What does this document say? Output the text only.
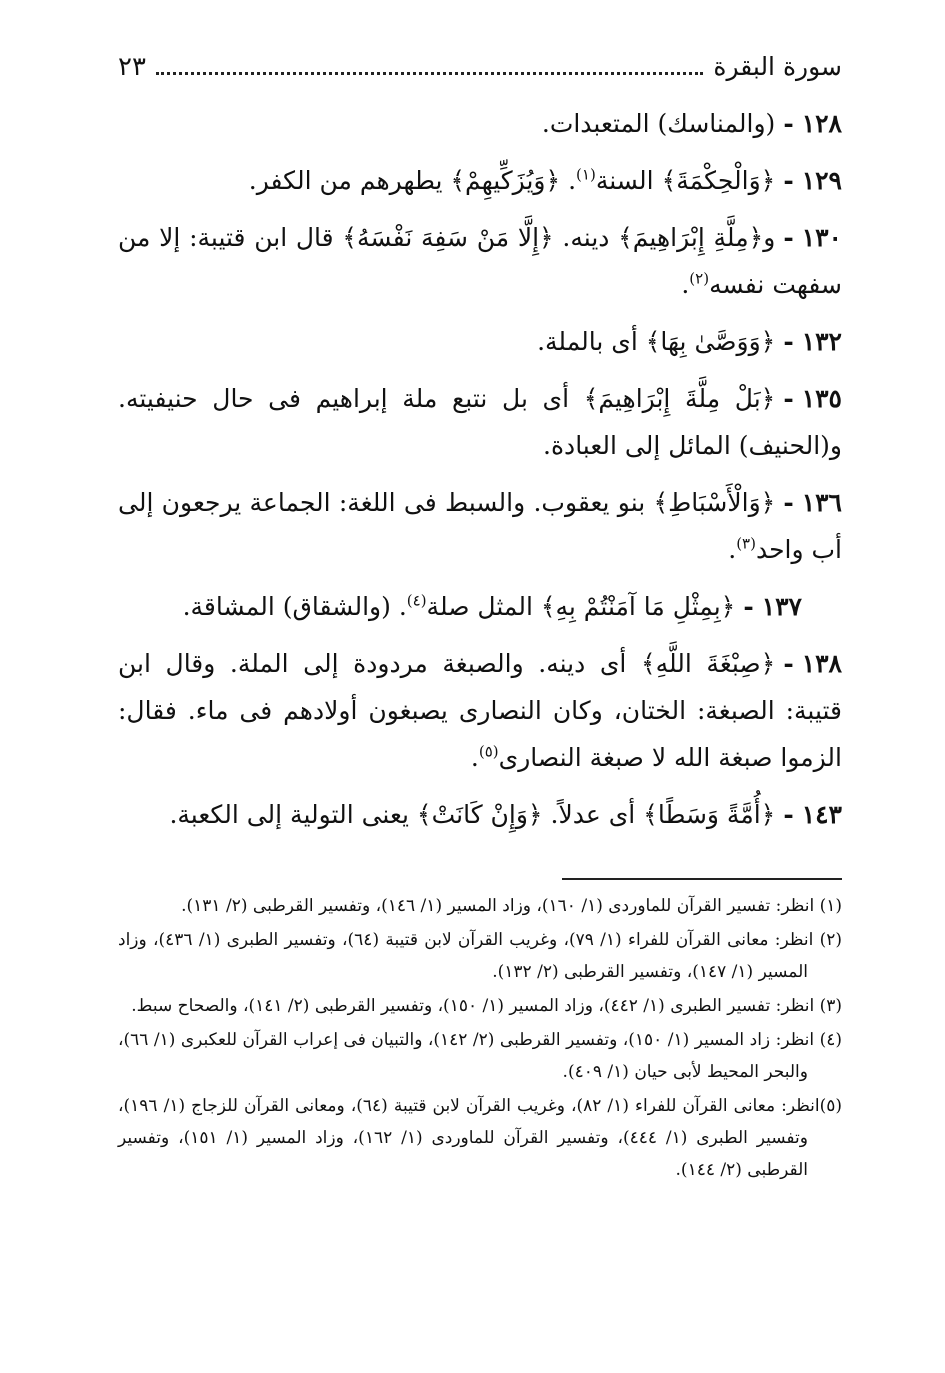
سورة البقرة
٢٣

١٢٨-(والمناسك) المتعبدات.

١٢٩-﴿وَالْحِكْمَةَ﴾ السنة$^{(١)}$. ﴿وَيُزَكِّيهِمْ﴾ يطهرهم من الكفر.

١٣٠-و﴿مِلَّةِ إِبْرَاهِيمَ﴾ دينه. ﴿إِلَّا مَنْ سَفِهَ نَفْسَهُ﴾ قال ابن قتيبة: إلا من سفهت نفسه$^{(٢)}$.

١٣٢-﴿وَوَصَّىٰ بِهَا﴾ أى بالملة.

١٣٥-﴿بَلْ مِلَّةَ إِبْرَاهِيمَ﴾ أى بل نتبع ملة إبراهيم فى حال حنيفيته. و(الحنيف) المائل إلى العبادة.

١٣٦-﴿وَالْأَسْبَاطِ﴾ بنو يعقوب. والسبط فى اللغة: الجماعة يرجعون إلى أب واحد$^{(٣)}$.

١٣٧-﴿بِمِثْلِ مَا آمَنْتُمْ بِهِ﴾ المثل صلة$^{(٤)}$. (والشقاق) المشاقة.

١٣٨-﴿صِبْغَةَ اللَّهِ﴾ أى دينه. والصبغة مردودة إلى الملة. وقال ابن قتيبة: الصبغة: الختان، وكان النصارى يصبغون أولادهم فى ماء. فقال: الزموا صبغة الله لا صبغة النصارى$^{(٥)}$.

١٤٣-﴿أُمَّةً وَسَطًا﴾ أى عدلاً. ﴿وَإِنْ كَانَتْ﴾ يعنى التولية إلى الكعبة.

(١) انظر: تفسير القرآن للماوردى (١/ ١٦٠)، وزاد المسير (١/ ١٤٦)، وتفسير القرطبى (٢/ ١٣١).

(٢) انظر: معانى القرآن للفراء (١/ ٧٩)، وغريب القرآن لابن قتيبة (٦٤)، وتفسير الطبرى (١/ ٤٣٦)، وزاد المسير (١/ ١٤٧)، وتفسير القرطبى (٢/ ١٣٢).

(٣) انظر: تفسير الطبرى (١/ ٤٤٢)، وزاد المسير (١/ ١٥٠)، وتفسير القرطبى (٢/ ١٤١)، والصحاح سبط.

(٤) انظر: زاد المسير (١/ ١٥٠)، وتفسير القرطبى (٢/ ١٤٢)، والتبيان فى إعراب القرآن للعكبرى (١/ ٦٦)، والبحر المحيط لأبى حيان (١/ ٤٠٩).

(٥)انظر: معانى القرآن للفراء (١/ ٨٢)، وغريب القرآن لابن قتيبة (٦٤)، ومعانى القرآن للزجاج (١/ ١٩٦)، وتفسير الطبرى (١/ ٤٤٤)، وتفسير القرآن للماوردى (١/ ١٦٢)، وزاد المسير (١/ ١٥١)، وتفسير القرطبى (٢/ ١٤٤).
